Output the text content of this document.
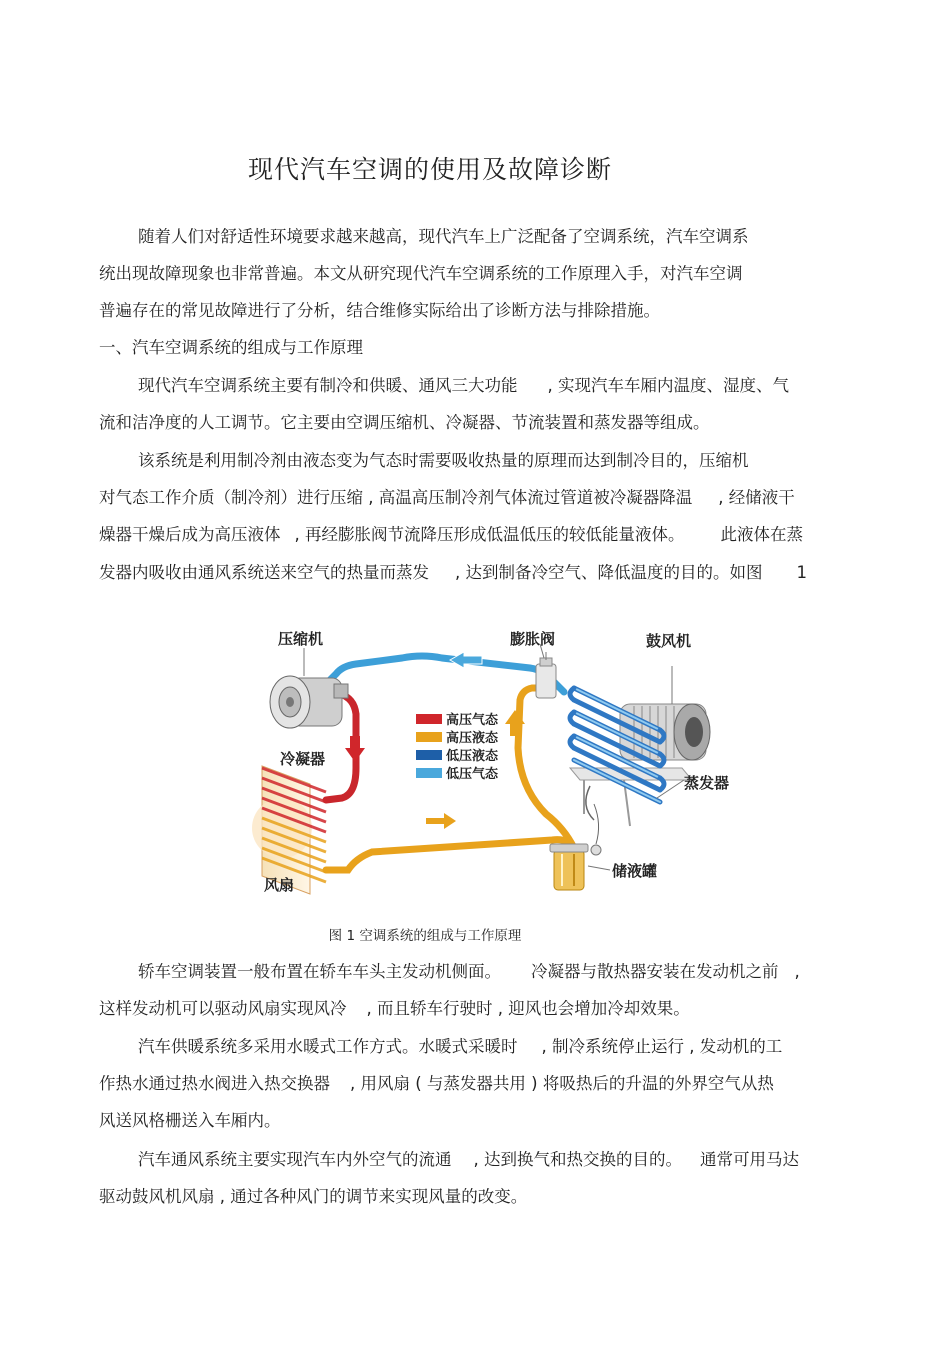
现代汽车空调的使用及故障诊断
随着人们对舒适性环境要求越来越高，现代汽车上广泛配备了空调系统，汽车空调系
统出现故障现象也非常普遍。本文从研究现代汽车空调系统的工作原理入手，对汽车空调
普遍存在的常见故障进行了分析，结合维修实际给出了诊断方法与排除措施。
一、汽车空调系统的组成与工作原理
现代汽车空调系统主要有制冷和供暖、通风三大功能 , 实现汽车车厢内温度、湿度、气
流和洁净度的人工调节。它主要由空调压缩机、冷凝器、节流装置和蒸发器等组成。
该系统是利用制冷剂由液态变为气态时需要吸收热量的原理而达到制冷目的，压缩机
对气态工作介质（制冷剂）进行压缩 , 高温高压制冷剂气体流过管道被冷凝器降温 , 经储液干
燥器干燥后成为高压液体 , 再经膨胀阀节流降压形成低温低压的较低能量液体。 此液体在蒸
发器内吸收由通风系统送来空气的热量而蒸发 , 达到制备冷空气、降低温度的目的。如图 1
高压气态
高压液态
低压液态
低压气态
压缩机	膨胀阀	鼓风机
冷凝器
蒸发器
风扇
储液罐
图 1 空调系统的组成与工作原理
轿车空调装置一般布置在轿车车头主发动机侧面。 冷凝器与散热器安装在发动机之前 ,
这样发动机可以驱动风扇实现风冷 , 而且轿车行驶时 , 迎风也会增加冷却效果。
汽车供暖系统多采用水暖式工作方式。水暖式采暖时 , 制冷系统停止运行 , 发动机的工
作热水通过热水阀进入热交换器 , 用风扇 ( 与蒸发器共用 ) 将吸热后的升温的外界空气从热
风送风格栅送入车厢内。
汽车通风系统主要实现汽车内外空气的流通 , 达到换气和热交换的目的。 通常可用马达
驱动鼓风机风扇 , 通过各种风门的调节来实现风量的改变。
